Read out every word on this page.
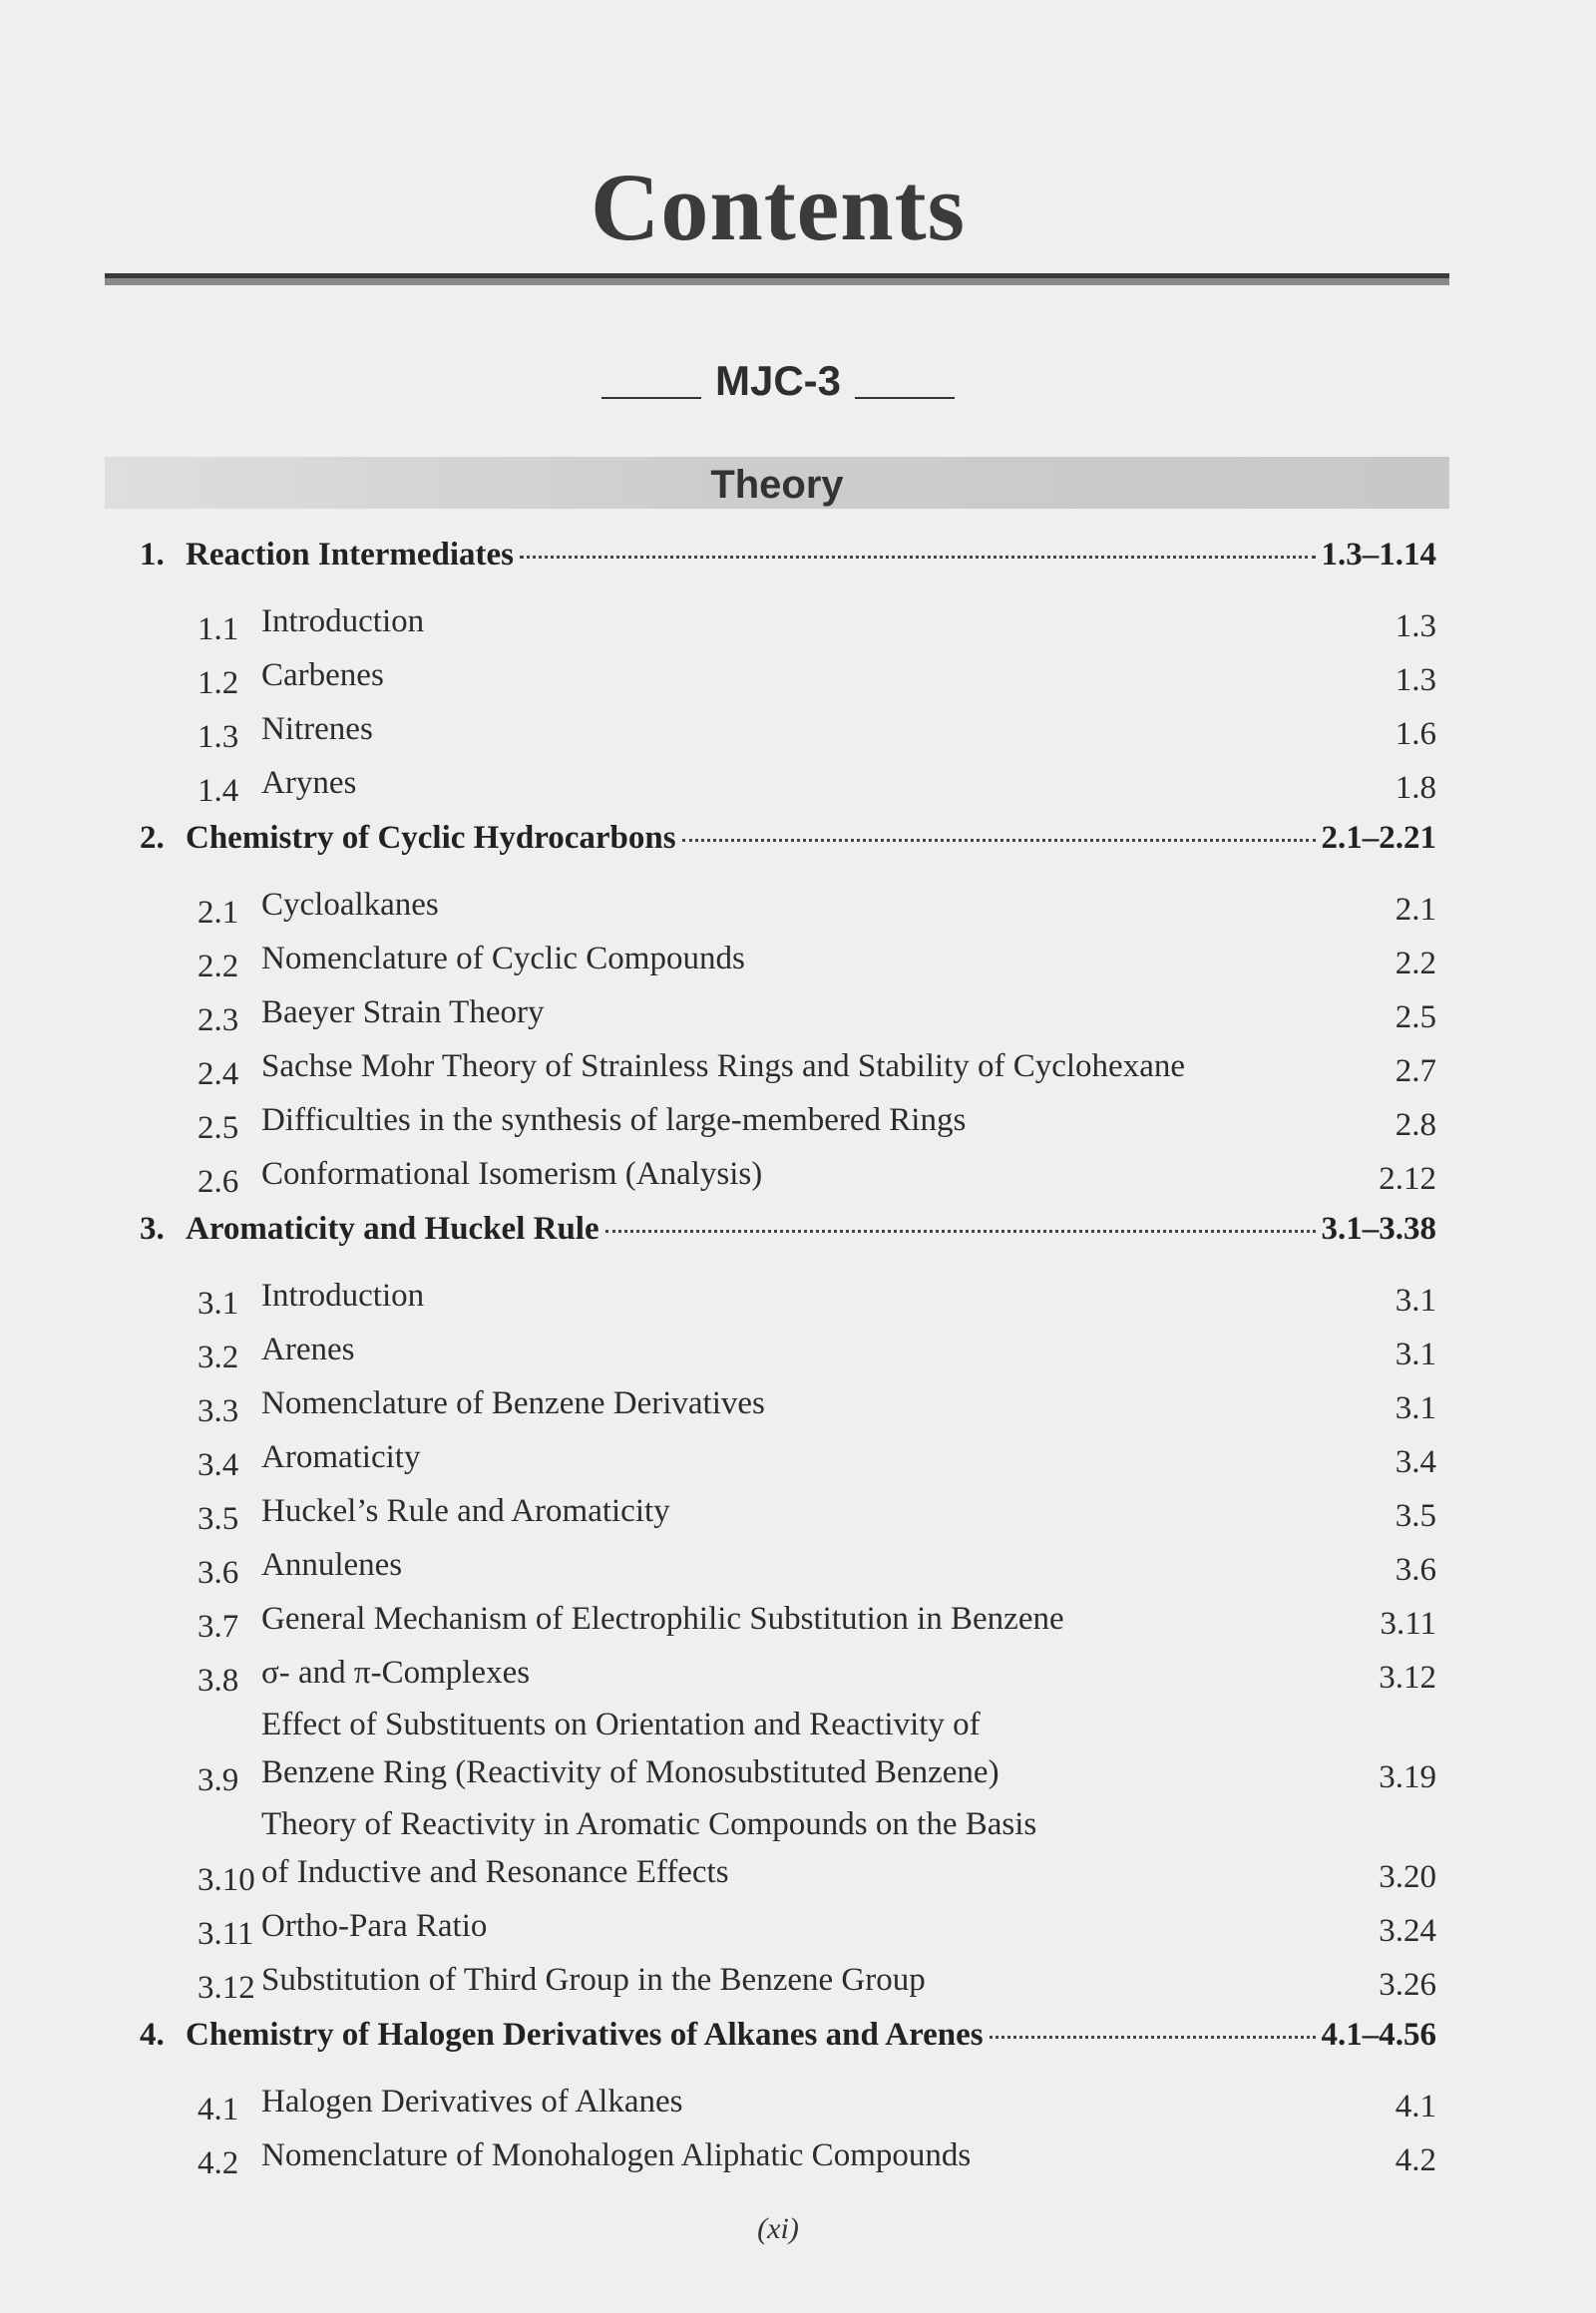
Contents
MJC-3
Theory
1. Reaction Intermediates	1.3–1.14
1.1 Introduction	1.3
1.2 Carbenes	1.3
1.3 Nitrenes	1.6
1.4 Arynes	1.8
2. Chemistry of Cyclic Hydrocarbons	2.1–2.21
2.1 Cycloalkanes	2.1
2.2 Nomenclature of Cyclic Compounds	2.2
2.3 Baeyer Strain Theory	2.5
2.4 Sachse Mohr Theory of Strainless Rings and Stability of Cyclohexane	2.7
2.5 Difficulties in the synthesis of large-membered Rings	2.8
2.6 Conformational Isomerism (Analysis)	2.12
3. Aromaticity and Huckel Rule	3.1–3.38
3.1 Introduction	3.1
3.2 Arenes	3.1
3.3 Nomenclature of Benzene Derivatives	3.1
3.4 Aromaticity	3.4
3.5 Huckel’s Rule and Aromaticity	3.5
3.6 Annulenes	3.6
3.7 General Mechanism of Electrophilic Substitution in Benzene	3.11
3.8 σ- and π-Complexes	3.12
3.9
Effect of Substituents on Orientation and Reactivity of
Benzene Ring (Reactivity of Monosubstituted Benzene)	3.19
3.10
Theory of Reactivity in Aromatic Compounds on the Basis
of Inductive and Resonance Effects	3.20
3.11 Ortho-Para Ratio	3.24
3.12 Substitution of Third Group in the Benzene Group	3.26
4. Chemistry of Halogen Derivatives of Alkanes and Arenes	4.1–4.56
4.1 Halogen Derivatives of Alkanes	4.1
4.2 Nomenclature of Monohalogen Aliphatic Compounds	4.2
(xi)
